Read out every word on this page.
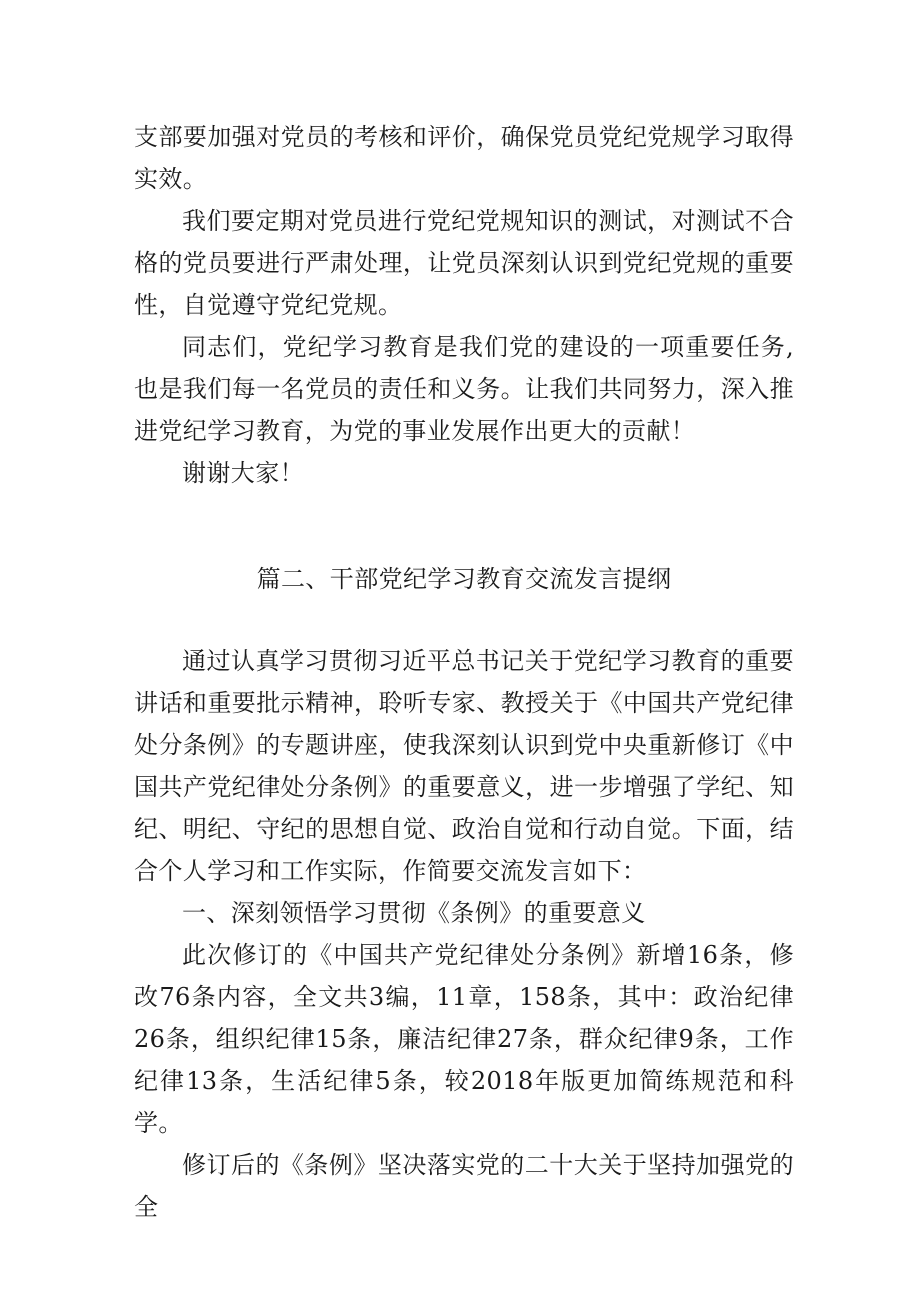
支部要加强对党员的考核和评价，确保党员党纪党规学习取得实效。

我们要定期对党员进行党纪党规知识的测试，对测试不合格的党员要进行严肃处理，让党员深刻认识到党纪党规的重要性，自觉遵守党纪党规。

同志们，党纪学习教育是我们党的建设的一项重要任务,也是我们每一名党员的责任和义务。让我们共同努力，深入推进党纪学习教育，为党的事业发展作出更大的贡献！

谢谢大家！

篇二、干部党纪学习教育交流发言提纲

通过认真学习贯彻习近平总书记关于党纪学习教育的重要讲话和重要批示精神，聆听专家、教授关于《中国共产党纪律处分条例》的专题讲座，使我深刻认识到党中央重新修订《中国共产党纪律处分条例》的重要意义，进一步增强了学纪、知纪、明纪、守纪的思想自觉、政治自觉和行动自觉。下面，结合个人学习和工作实际，作简要交流发言如下：

一、深刻领悟学习贯彻《条例》的重要意义

此次修订的《中国共产党纪律处分条例》新增16条，修改76条内容，全文共3编，11章，158条，其中：政治纪律26条，组织纪律15条，廉洁纪律27条，群众纪律9条，工作纪律13条，生活纪律5条，较2018年版更加简练规范和科学。

修订后的《条例》坚决落实党的二十大关于坚持加强党的全
